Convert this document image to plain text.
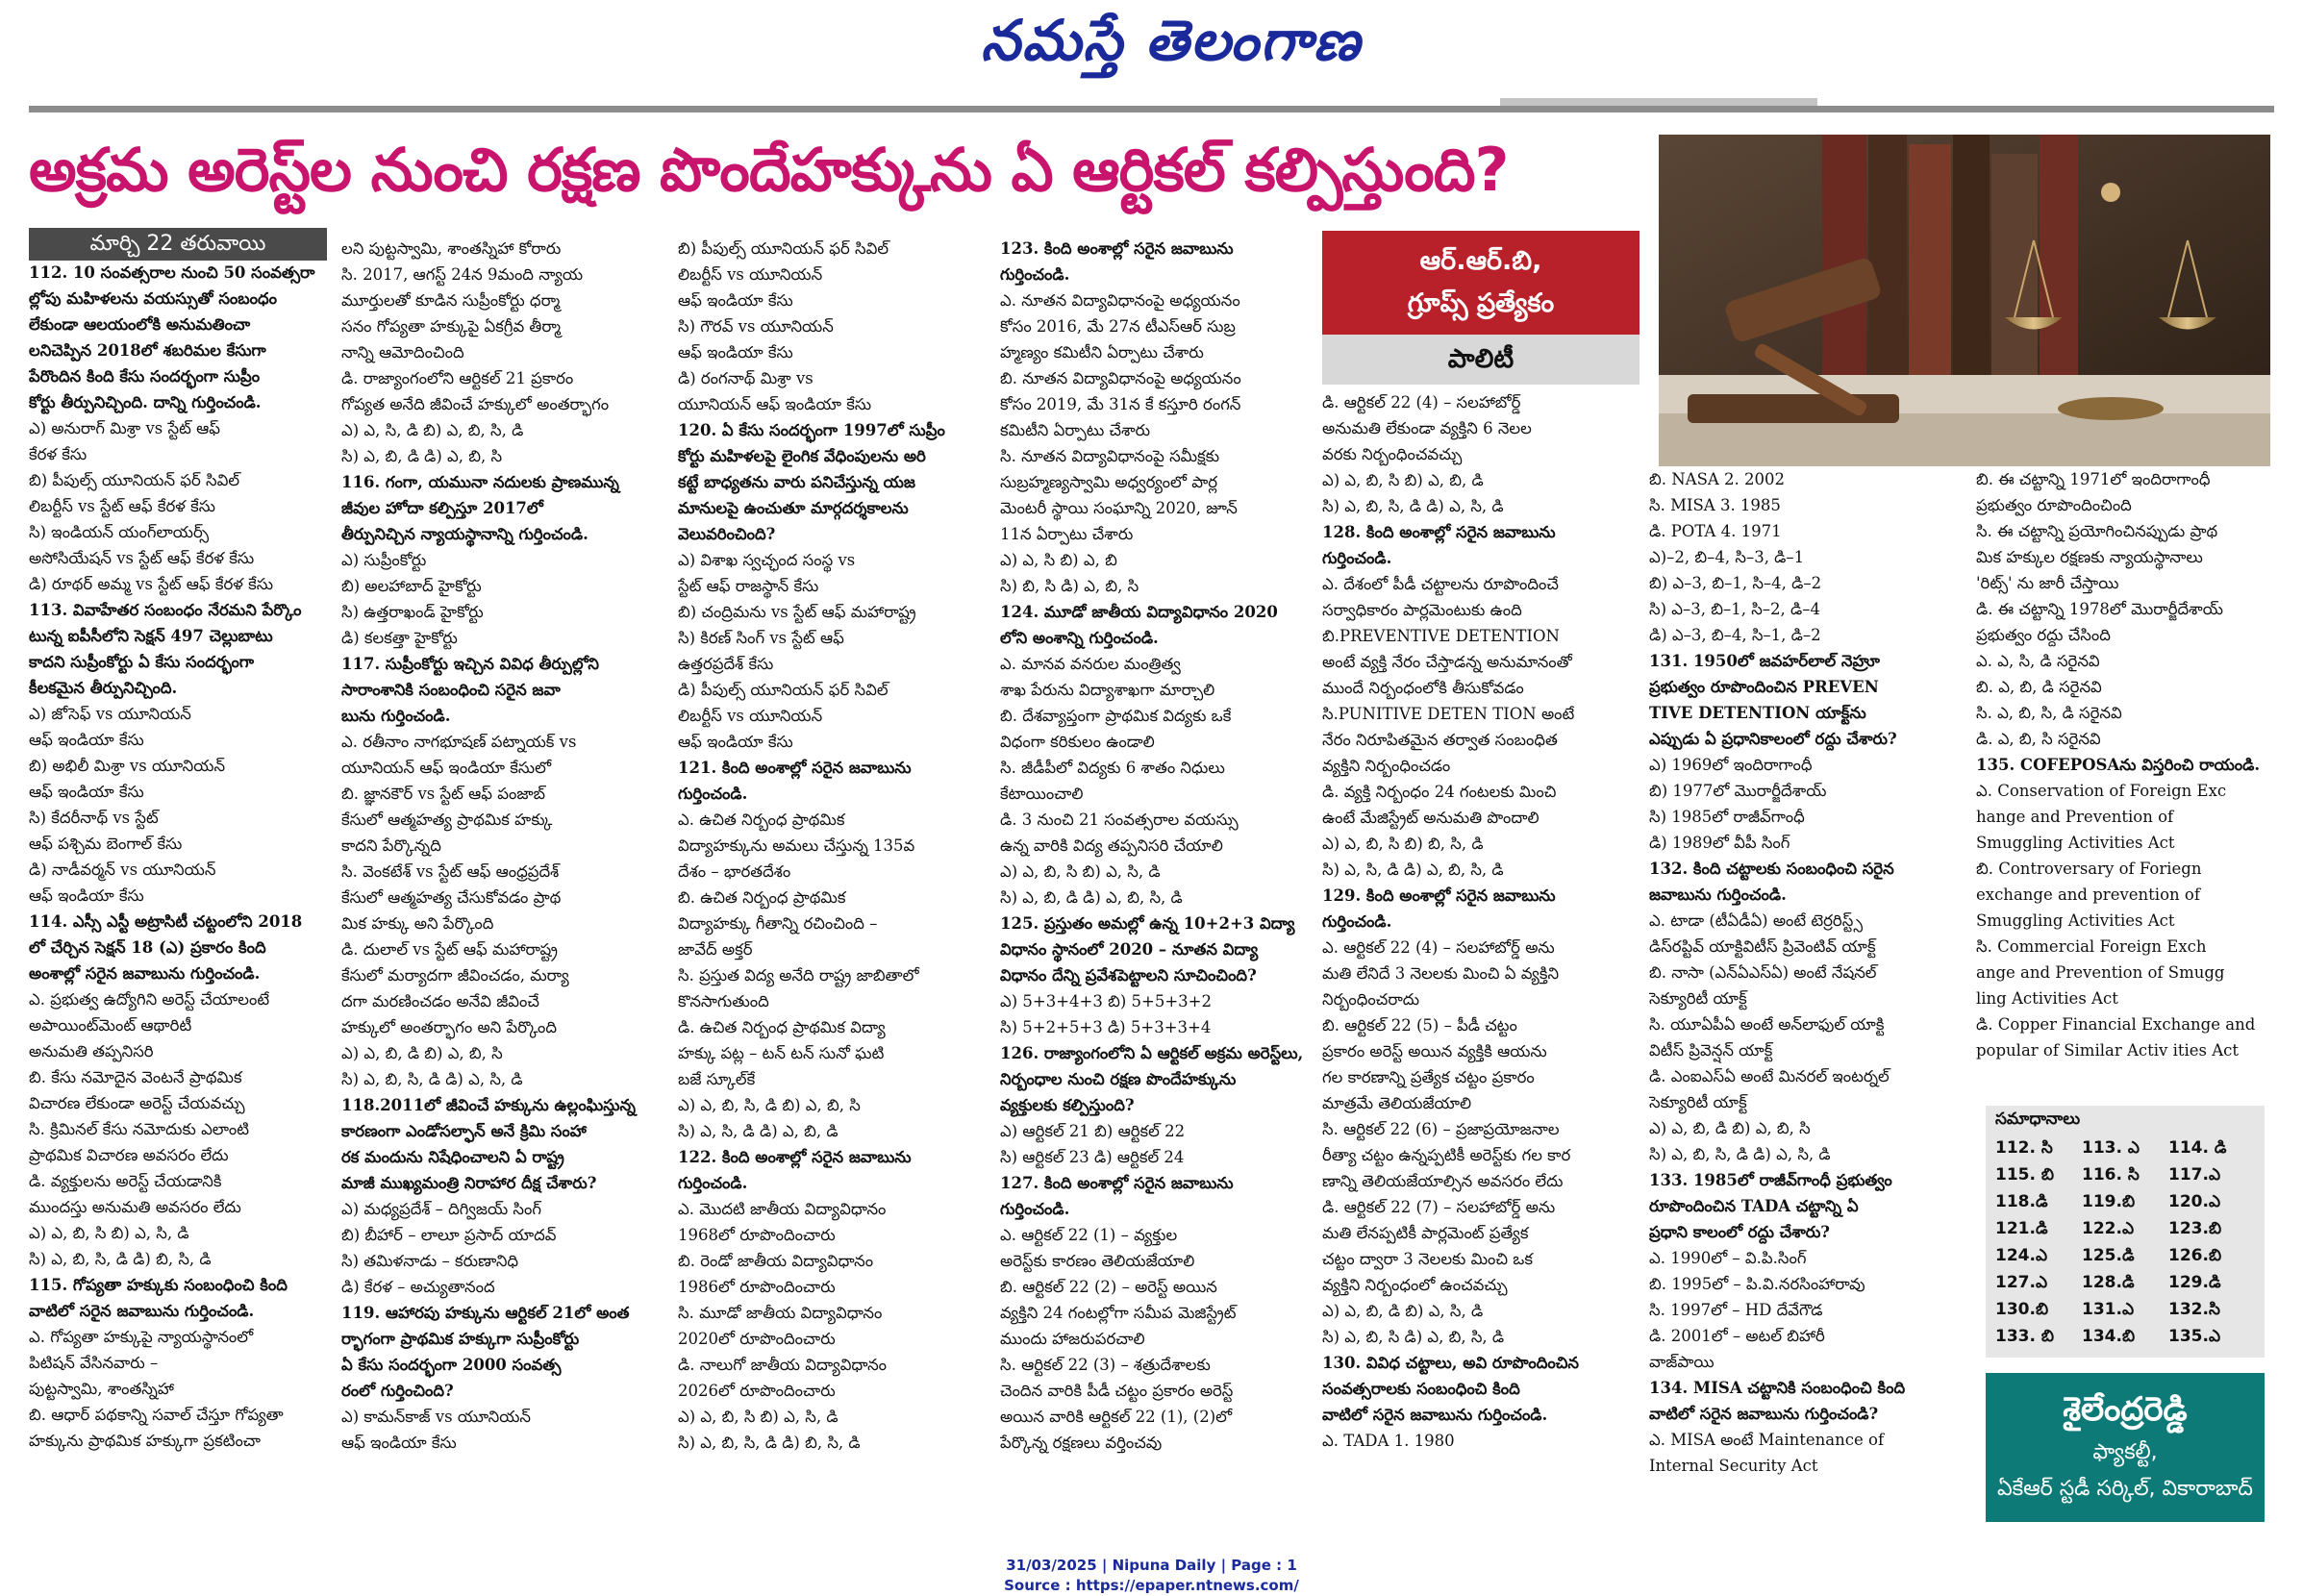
నమస్తే తెలంగాణ
అక్రమ అరెస్ట్‌ల నుంచి రక్షణ పొందేహక్కును ఏ ఆర్టికల్ కల్పిస్తుంది?
మార్చి 22 తరువాయి
ఆర్.ఆర్.బి,
గ్రూప్స్ ప్రత్యేకం
పాలిటీ

112. 10 సంవత్సరాల నుంచి 50 సంవత్సరా

ల్లోపు మహిళలను వయస్సుతో సంబంధం

లేకుండా ఆలయంలోకి అనుమతించా

లనిచెప్పిన 2018లో శబరిమల కేసుగా

పేరొందిన కింది కేసు సందర్భంగా సుప్రీం

కోర్టు తీర్పునిచ్చింది. దాన్ని గుర్తించండి.

ఎ) అనురాగ్ మిశ్రా vs స్టేట్ ఆఫ్

కేరళ కేసు

బి) పీపుల్స్ యూనియన్ ఫర్ సివిల్

లిబర్టీస్ vs స్టేట్ ఆఫ్ కేరళ కేసు

సి) ఇండియన్ యంగ్‌లాయర్స్

అసోసియేషన్ vs స్టేట్ ఆఫ్ కేరళ కేసు

డి) రూథర్ అమ్మ vs స్టేట్ ఆఫ్ కేరళ కేసు

113. వివాహేతర సంబంధం నేరమని పేర్కొం

టున్న ఐపీసీలోని సెక్షన్ 497 చెల్లుబాటు

కాదని సుప్రీంకోర్టు ఏ కేసు సందర్భంగా

కీలకమైన తీర్పునిచ్చింది.

ఎ) జోసెఫ్ vs యూనియన్

ఆఫ్ ఇండియా కేసు

బి) అభిలీ మిశ్రా vs యూనియన్

ఆఫ్ ఇండియా కేసు

సి) కేదరీనాథ్ vs స్టేట్

ఆఫ్ పశ్చిమ బెంగాల్ కేసు

డి) నాడీవర్మన్ vs యూనియన్

ఆఫ్ ఇండియా కేసు

114. ఎస్సీ ఎస్టీ అట్రాసిటీ చట్టంలోని 2018

లో చేర్చిన సెక్షన్ 18 (ఎ) ప్రకారం కింది

అంశాల్లో సరైన జవాబును గుర్తించండి.

ఎ. ప్రభుత్వ ఉద్యోగిని అరెస్ట్ చేయాలంటే

అపాయింట్‌మెంట్ ఆథారిటీ

అనుమతి తప్పనిసరి

బి. కేసు నమోదైన వెంటనే ప్రాథమిక

విచారణ లేకుండా అరెస్ట్ చేయవచ్చు

సి. క్రిమినల్ కేసు నమోదుకు ఎలాంటి

ప్రాథమిక విచారణ అవసరం లేదు

డి. వ్యక్తులను అరెస్ట్ చేయడానికి

ముందస్తు అనుమతి అవసరం లేదు

ఎ) ఎ, బి, సి బి) ఎ, సి, డి

సి) ఎ, బి, సి, డి డి) బి, సి, డి

115. గోప్యతా హక్కుకు సంబంధించి కింది

వాటిలో సరైన జవాబును గుర్తించండి.

ఎ. గోప్యతా హక్కుపై న్యాయస్థానంలో

పిటిషన్ వేసినవారు –

పుట్టస్వామి, శాంతస్నిహా

బి. ఆధార్ పథకాన్ని సవాల్ చేస్తూ గోప్యతా

హక్కును ప్రాథమిక హక్కుగా ప్రకటించా

లని పుట్టస్వామి, శాంతస్నిహా కోరారు

సి. 2017, ఆగస్ట్ 24న 9మంది న్యాయ

మూర్తులతో కూడిన సుప్రీంకోర్టు ధర్మా

సనం గోప్యతా హక్కుపై ఏకగ్రీవ తీర్మా

నాన్ని ఆమోదించింది

డి. రాజ్యాంగంలోని ఆర్టికల్ 21 ప్రకారం

గోప్యత అనేది జీవించే హక్కులో అంతర్భాగం

ఎ) ఎ, సి, డి బి) ఎ, బి, సి, డి

సి) ఎ, బి, డి డి) ఎ, బి, సి

116. గంగా, యమునా నదులకు ప్రాణమున్న

జీవుల హోదా కల్పిస్తూ 2017లో

తీర్పునిచ్చిన న్యాయస్థానాన్ని గుర్తించండి.

ఎ) సుప్రీంకోర్టు

బి) అలహాబాద్ హైకోర్టు

సి) ఉత్తరాఖండ్ హైకోర్టు

డి) కలకత్తా హైకోర్టు

117. సుప్రీంకోర్టు ఇచ్చిన వివిధ తీర్పుల్లోని

సారాంశానికి సంబంధించి సరైన జవా

బును గుర్తించండి.

ఎ. రతీనాం నాగభూషణ్ పట్నాయక్ vs

యూనియన్ ఆఫ్ ఇండియా కేసులో

బి. జ్ఞానకౌర్ vs స్టేట్ ఆఫ్ పంజాబ్

కేసులో ఆత్మహత్య ప్రాథమిక హక్కు

కాదని పేర్కొన్నది

సి. వెంకటేశ్ vs స్టేట్ ఆఫ్ ఆంధ్రప్రదేశ్

కేసులో ఆత్మహత్య చేసుకోవడం ప్రాథ

మిక హక్కు అని పేర్కొంది

డి. దులాల్ vs స్టేట్ ఆఫ్ మహారాష్ట్ర

కేసులో మర్యాదగా జీవించడం, మర్యా

దగా మరణించడం అనేవి జీవించే

హక్కులో అంతర్భాగం అని పేర్కొంది

ఎ) ఎ, బి, డి బి) ఎ, బి, సి

సి) ఎ, బి, సి, డి డి) ఎ, సి, డి

118.2011లో జీవించే హక్కును ఉల్లంఘిస్తున్న

కారణంగా ఎండోసల్ఫాన్ అనే క్రిమి సంహా

రక మందును నిషేధించాలని ఏ రాష్ట్ర

మాజీ ముఖ్యమంత్రి నిరాహార దీక్ష చేశారు?

ఎ) మధ్యప్రదేశ్ – దిగ్విజయ్ సింగ్

బి) బీహార్ – లాలూ ప్రసాద్ యాదవ్

సి) తమిళనాడు – కరుణానిధి

డి) కేరళ – అచ్యుతానంద

119. ఆహారపు హక్కును ఆర్టికల్ 21లో అంత

ర్భాగంగా ప్రాథమిక హక్కుగా సుప్రీంకోర్టు

ఏ కేసు సందర్భంగా 2000 సంవత్స

రంలో గుర్తించింది?

ఎ) కామన్‌కాజ్ vs యూనియన్

ఆఫ్ ఇండియా కేసు

బి) పీపుల్స్ యూనియన్ ఫర్ సివిల్

లిబర్టీస్ vs యూనియన్

ఆఫ్ ఇండియా కేసు

సి) గౌరవ్ vs యూనియన్

ఆఫ్ ఇండియా కేసు

డి) రంగనాథ్ మిశ్రా vs

యూనియన్ ఆఫ్ ఇండియా కేసు

120. ఏ కేసు సందర్భంగా 1997లో సుప్రీం

కోర్టు మహిళలపై లైంగిక వేధింపులను అరి

కట్టే బాధ్యతను వారు పనిచేస్తున్న యజ

మానులపై ఉంచుతూ మార్గదర్శకాలను

వెలువరించింది?

ఎ) విశాఖ స్వచ్ఛంద సంస్థ vs

స్టేట్ ఆఫ్ రాజస్థాన్ కేసు

బి) చంద్రిమను vs స్టేట్ ఆఫ్ మహారాష్ట్ర

సి) కిరణ్ సింగ్ vs స్టేట్ ఆఫ్

ఉత్తరప్రదేశ్ కేసు

డి) పీపుల్స్ యూనియన్ ఫర్ సివిల్

లిబర్టీస్ vs యూనియన్

ఆఫ్ ఇండియా కేసు

121. కింది అంశాల్లో సరైన జవాబును

గుర్తించండి.

ఎ. ఉచిత నిర్బంధ ప్రాథమిక

విద్యాహక్కును అమలు చేస్తున్న 135వ

దేశం – భారతదేశం

బి. ఉచిత నిర్బంధ ప్రాథమిక

విద్యాహక్కు గీతాన్ని రచించింది –

జావేద్ అక్తర్

సి. ప్రస్తుత విద్య అనేది రాష్ట్ర జాబితాలో

కొనసాగుతుంది

డి. ఉచిత నిర్బంధ ప్రాథమిక విద్యా

హక్కు పట్ల – టన్ టన్ సునో ఘటి

బజే స్కూల్‌కే

ఎ) ఎ, బి, సి, డి బి) ఎ, బి, సి

సి) ఎ, సి, డి డి) ఎ, బి, డి

122. కింది అంశాల్లో సరైన జవాబును

గుర్తించండి.

ఎ. మొదటి జాతీయ విద్యావిధానం

1968లో రూపొందించారు

బి. రెండో జాతీయ విద్యావిధానం

1986లో రూపొందించారు

సి. మూడో జాతీయ విద్యావిధానం

2020లో రూపొందించారు

డి. నాలుగో జాతీయ విద్యావిధానం

2026లో రూపొందించారు

ఎ) ఎ, బి, సి బి) ఎ, సి, డి

సి) ఎ, బి, సి, డి డి) బి, సి, డి

123. కింది అంశాల్లో సరైన జవాబును

గుర్తించండి.

ఎ. నూతన విద్యావిధానంపై అధ్యయనం

కోసం 2016, మే 27న టీఎస్ఆర్ సుబ్ర

హ్మణ్యం కమిటీని ఏర్పాటు చేశారు

బి. నూతన విద్యావిధానంపై అధ్యయనం

కోసం 2019, మే 31న కే కస్తూరి రంగన్

కమిటీని ఏర్పాటు చేశారు

సి. నూతన విద్యావిధానంపై సమీక్షకు

సుబ్రహ్మణ్యస్వామి అధ్వర్యంలో పార్ల

మెంటరీ స్థాయి సంఘాన్ని 2020, జూన్

11న ఏర్పాటు చేశారు

ఎ) ఎ, సి బి) ఎ, బి

సి) బి, సి డి) ఎ, బి, సి

124. మూడో జాతీయ విద్యావిధానం 2020

లోని అంశాన్ని గుర్తించండి.

ఎ. మానవ వనరుల మంత్రిత్వ

శాఖ పేరును విద్యాశాఖగా మార్చాలి

బి. దేశవ్యాప్తంగా ప్రాథమిక విద్యకు ఒకే

విధంగా కరికులం ఉండాలి

సి. జీడీపీలో విద్యకు 6 శాతం నిధులు

కేటాయించాలి

డి. 3 నుంచి 21 సంవత్సరాల వయస్సు

ఉన్న వారికి విద్య తప్పనిసరి చేయాలి

ఎ) ఎ, బి, సి బి) ఎ, సి, డి

సి) ఎ, బి, డి డి) ఎ, బి, సి, డి

125. ప్రస్తుతం అమల్లో ఉన్న 10+2+3 విద్యా

విధానం స్థానంలో 2020 – నూతన విద్యా

విధానం దేన్ని ప్రవేశపెట్టాలని సూచించింది?

ఎ) 5+3+4+3 బి) 5+5+3+2

సి) 5+2+5+3 డి) 5+3+3+4

126. రాజ్యాంగంలోని ఏ ఆర్టికల్ అక్రమ అరెస్ట్‌లు,

నిర్బంధాల నుంచి రక్షణ పొందేహక్కును

వ్యక్తులకు కల్పిస్తుంది?

ఎ) ఆర్టికల్ 21 బి) ఆర్టికల్ 22

సి) ఆర్టికల్ 23 డి) ఆర్టికల్ 24

127. కింది అంశాల్లో సరైన జవాబును

గుర్తించండి.

ఎ. ఆర్టికల్ 22 (1) – వ్యక్తుల

అరెస్ట్‌కు కారణం తెలియజేయాలి

బి. ఆర్టికల్ 22 (2) – అరెస్ట్ అయిన

వ్యక్తిని 24 గంటల్లోగా సమీప మెజిస్ట్రేట్

ముందు హాజరుపరచాలి

సి. ఆర్టికల్ 22 (3) – శత్రుదేశాలకు

చెందిన వారికి పీడీ చట్టం ప్రకారం అరెస్ట్

అయిన వారికి ఆర్టికల్ 22 (1), (2)లో

పేర్కొన్న రక్షణలు వర్తించవు

డి. ఆర్టికల్ 22 (4) – సలహాబోర్డ్

అనుమతి లేకుండా వ్యక్తిని 6 నెలల

వరకు నిర్బంధించవచ్చు

ఎ) ఎ, బి, సి బి) ఎ, బి, డి

సి) ఎ, బి, సి, డి డి) ఎ, సి, డి

128. కింది అంశాల్లో సరైన జవాబును

గుర్తించండి.

ఎ. దేశంలో పీడీ చట్టాలను రూపొందించే

సర్వాధికారం పార్లమెంటుకు ఉంది

బి.PREVENTIVE DETENTION

అంటే వ్యక్తి నేరం చేస్తాడన్న అనుమానంతో

ముందే నిర్బంధంలోకి తీసుకోవడం

సి.PUNITIVE DETEN TION అంటే

నేరం నిరూపితమైన తర్వాత సంబంధిత

వ్యక్తిని నిర్బంధించడం

డి. వ్యక్తి నిర్బంధం 24 గంటలకు మించి

ఉంటే మేజిస్ట్రేట్ అనుమతి పొందాలి

ఎ) ఎ, బి, సి బి) బి, సి, డి

సి) ఎ, సి, డి డి) ఎ, బి, సి, డి

129. కింది అంశాల్లో సరైన జవాబును

గుర్తించండి.

ఎ. ఆర్టికల్ 22 (4) – సలహాబోర్డ్ అను

మతి లేనిదే 3 నెలలకు మించి ఏ వ్యక్తిని

నిర్బంధించరాదు

బి. ఆర్టికల్ 22 (5) – పీడీ చట్టం

ప్రకారం అరెస్ట్ అయిన వ్యక్తికి ఆయను

గల కారణాన్ని ప్రత్యేక చట్టం ప్రకారం

మాత్రమే తెలియజేయాలి

సి. ఆర్టికల్ 22 (6) – ప్రజాప్రయోజనాల

రీత్యా చట్టం ఉన్నప్పటికీ అరెస్ట్‌కు గల కార

ణాన్ని తెలియజేయాల్సిన అవసరం లేదు

డి. ఆర్టికల్ 22 (7) – సలహాబోర్డ్ అను

మతి లేనప్పటికీ పార్లమెంట్ ప్రత్యేక

చట్టం ద్వారా 3 నెలలకు మించి ఒక

వ్యక్తిని నిర్బంధంలో ఉంచవచ్చు

ఎ) ఎ, బి, డి బి) ఎ, సి, డి

సి) ఎ, బి, సి డి) ఎ, బి, సి, డి

130. వివిధ చట్టాలు, అవి రూపొందించిన

సంవత్సరాలకు సంబంధించి కింది

వాటిలో సరైన జవాబును గుర్తించండి.

ఎ. TADA 1. 1980

బి. NASA 2. 2002

సి. MISA 3. 1985

డి. POTA 4. 1971

ఎ)–2, బి–4, సి–3, డి–1

బి) ఎ–3, బి–1, సి–4, డి–2

సి) ఎ–3, బి–1, సి–2, డి–4

డి) ఎ–3, బి–4, సి–1, డి–2

131. 1950లో జవహర్‌లాల్ నెహ్రూ

ప్రభుత్వం రూపొందించిన PREVEN

TIVE DETENTION యాక్ట్‌ను

ఎప్పుడు ఏ ప్రధానికాలంలో రద్దు చేశారు?

ఎ) 1969లో ఇందిరాగాంధీ

బి) 1977లో మొరార్జీదేశాయ్

సి) 1985లో రాజీవ్‌గాంధీ

డి) 1989లో వీపీ సింగ్

132. కింది చట్టాలకు సంబంధించి సరైన

జవాబును గుర్తించండి.

ఎ. టాడా (టీఏడీఏ) అంటే టెర్రరిస్ట్స్

డిస్‌రప్టివ్ యాక్టివిటీస్ ప్రివెంటివ్ యాక్ట్

బి. నాసా (ఎన్ఏఎస్ఏ) అంటే నేషనల్

సెక్యూరిటీ యాక్ట్

సి. యూఏపీఏ అంటే అన్‌లాఫుల్ యాక్టి

విటీస్ ప్రివెన్షన్ యాక్ట్

డి. ఎంఐఎస్ఏ అంటే మినరల్ ఇంటర్నల్

సెక్యూరిటీ యాక్ట్

ఎ) ఎ, బి, డి బి) ఎ, బి, సి

సి) ఎ, బి, సి, డి డి) ఎ, సి, డి

133. 1985లో రాజీవ్‌గాంధీ ప్రభుత్వం

రూపొందించిన TADA చట్టాన్ని ఏ

ప్రధాని కాలంలో రద్దు చేశారు?

ఎ. 1990లో – వి.పి.సింగ్

బి. 1995లో – పి.వి.నరసింహారావు

సి. 1997లో – HD దేవేగౌడ

డి. 2001లో – అటల్ బిహారీ

వాజ్‌పాయి

134. MISA చట్టానికి సంబంధించి కింది

వాటిలో సరైన జవాబును గుర్తించండి?

ఎ. MISA అంటే Maintenance of

Internal Security Act

బి. ఈ చట్టాన్ని 1971లో ఇందిరాగాంధీ

ప్రభుత్వం రూపొందించింది

సి. ఈ చట్టాన్ని ప్రయోగించినప్పుడు ప్రాథ

మిక హక్కుల రక్షణకు న్యాయస్థానాలు

'రిట్స్' ను జారీ చేస్తాయి

డి. ఈ చట్టాన్ని 1978లో మొరార్జీదేశాయ్

ప్రభుత్వం రద్దు చేసింది

ఎ. ఎ, సి, డి సరైనవి

బి. ఎ, బి, డి సరైనవి

సి. ఎ, బి, సి, డి సరైనవి

డి. ఎ, బి, సి సరైనవి

135. COFEPOSAను విస్తరించి రాయండి.

ఎ. Conservation of Foreign Exc

hange and Prevention of

Smuggling Activities Act

బి. Controversary of Foriegn

exchange and prevention of

Smuggling Activities Act

సి. Commercial Foreign Exch

ange and Prevention of Smugg

ling Activities Act

డి. Copper Financial Exchange and

popular of Similar Activ ities Act

సమాధానాలు
112. సి	113. ఎ	114. డి
115. బి	116. సి	117.ఎ
118.డి	119.బి	120.ఎ
121.డి	122.ఎ	123.బి
124.ఎ	125.డి	126.బి
127.ఎ	128.డి	129.డి
130.బి	131.ఎ	132.సి
133. బి	134.బి	135.ఎ
శైలేంద్రరెడ్డి
ఫ్యాకల్టీ,
ఏకేఆర్ స్టడీ సర్కిల్, వికారాబాద్
31/03/2025 | Nipuna Daily | Page : 1
Source : https://epaper.ntnews.com/
